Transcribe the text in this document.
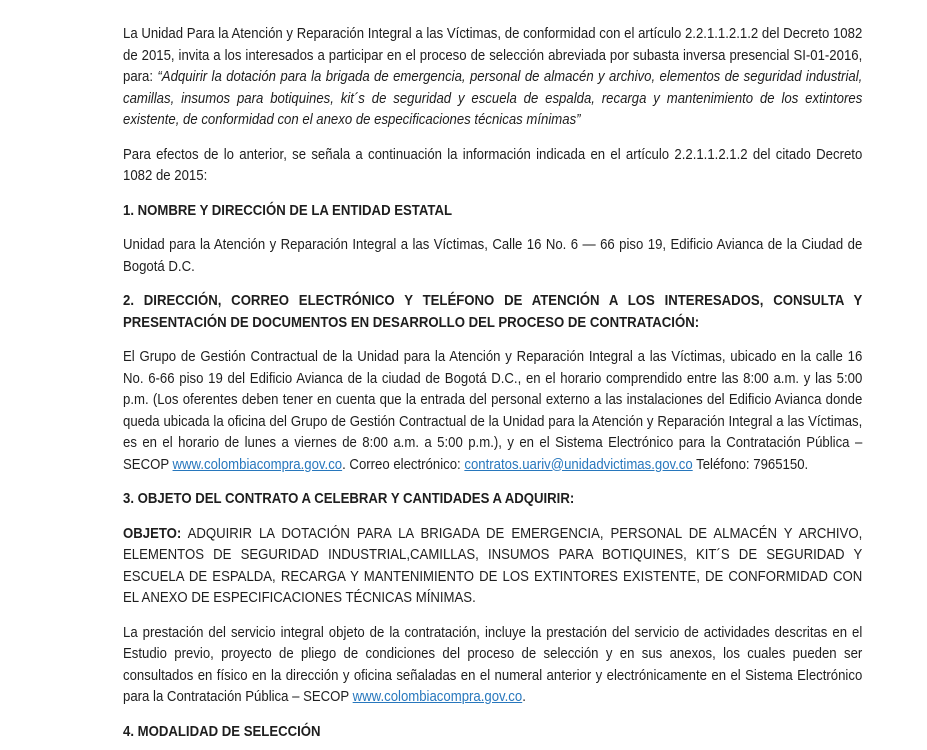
La Unidad Para la Atención y Reparación Integral a las Víctimas, de conformidad con el artículo 2.2.1.1.2.1.2 del Decreto 1082 de 2015, invita a los interesados a participar en el proceso de selección abreviada por subasta inversa presencial SI-01-2016, para: “Adquirir la dotación para la brigada de emergencia, personal de almacén y archivo, elementos de seguridad industrial, camillas, insumos para botiquines, kit´s de seguridad y escuela de espalda, recarga y mantenimiento de los extintores existente, de conformidad con el anexo de especificaciones técnicas mínimas”

Para efectos de lo anterior, se señala a continuación la información indicada en el artículo 2.2.1.1.2.1.2 del citado Decreto 1082 de 2015:

1. NOMBRE Y DIRECCIÓN DE LA ENTIDAD ESTATAL

Unidad para la Atención y Reparación Integral a las Víctimas, Calle 16 No. 6 — 66 piso 19, Edificio Avianca de la Ciudad de Bogotá D.C.

2. DIRECCIÓN, CORREO ELECTRÓNICO Y TELÉFONO DE ATENCIÓN A LOS INTERESADOS, CONSULTA Y PRESENTACIÓN DE DOCUMENTOS EN DESARROLLO DEL PROCESO DE CONTRATACIÓN:

El Grupo de Gestión Contractual de la Unidad para la Atención y Reparación Integral a las Víctimas, ubicado en la calle 16 No. 6-66 piso 19 del Edificio Avianca de la ciudad de Bogotá D.C., en el horario comprendido entre las 8:00 a.m. y las 5:00 p.m. (Los oferentes deben tener en cuenta que la entrada del personal externo a las instalaciones del Edificio Avianca donde queda ubicada la oficina del Grupo de Gestión Contractual de la Unidad para la Atención y Reparación Integral a las Víctimas, es en el horario de lunes a viernes de 8:00 a.m. a 5:00 p.m.), y en el Sistema Electrónico para la Contratación Pública – SECOP www.colombiacompra.gov.co. Correo electrónico: contratos.uariv@unidadvictimas.gov.co Teléfono: 7965150.

3. OBJETO DEL CONTRATO A CELEBRAR Y CANTIDADES A ADQUIRIR:

OBJETO: ADQUIRIR LA DOTACIÓN PARA LA BRIGADA DE EMERGENCIA, PERSONAL DE ALMACÉN Y ARCHIVO, ELEMENTOS DE SEGURIDAD INDUSTRIAL,CAMILLAS, INSUMOS PARA BOTIQUINES, KIT´S DE SEGURIDAD Y ESCUELA DE ESPALDA, RECARGA Y MANTENIMIENTO DE LOS EXTINTORES EXISTENTE, DE CONFORMIDAD CON EL ANEXO DE ESPECIFICACIONES TÉCNICAS MÍNIMAS.

La prestación del servicio integral objeto de la contratación, incluye la prestación del servicio de actividades descritas en el Estudio previo, proyecto de pliego de condiciones del proceso de selección y en sus anexos, los cuales pueden ser consultados en físico en la dirección y oficina señaladas en el numeral anterior y electrónicamente en el Sistema Electrónico para la Contratación Pública – SECOP www.colombiacompra.gov.co.

4. MODALIDAD DE SELECCIÓN
